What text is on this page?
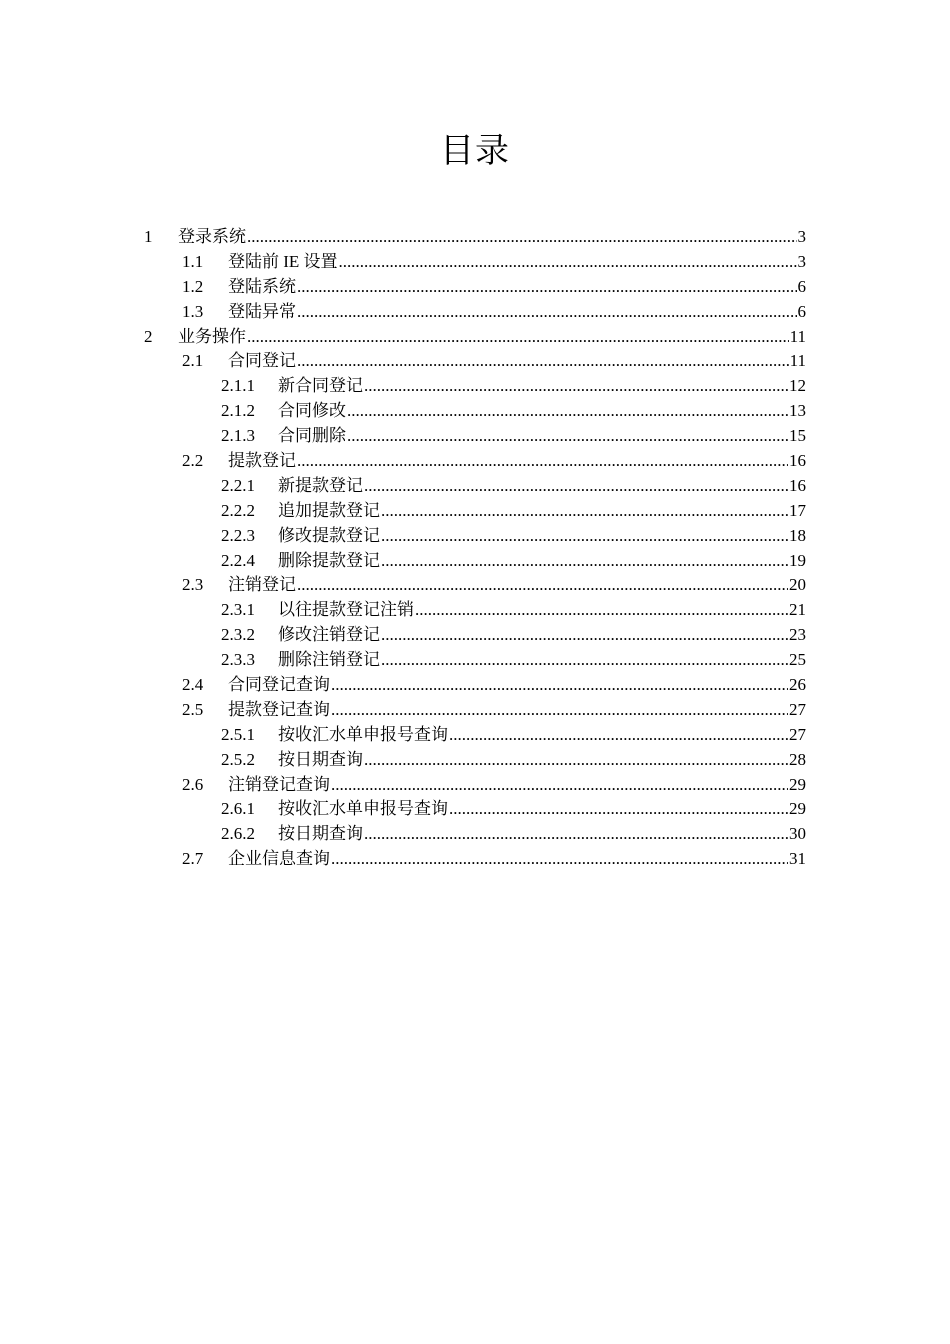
目录
1	登录系统 .....	3
1.1	登陆前 IE 设置 .....	3
1.2	登陆系统 .....	6
1.3	登陆异常 .....	6
2	业务操作 .....	11
2.1	合同登记 .....	11
2.1.1	新合同登记 .....	12
2.1.2	合同修改 .....	13
2.1.3	合同删除 .....	15
2.2	提款登记 .....	16
2.2.1	新提款登记 .....	16
2.2.2	追加提款登记 .....	17
2.2.3	修改提款登记 .....	18
2.2.4	删除提款登记 .....	19
2.3	注销登记 .....	20
2.3.1	以往提款登记注销 .....	21
2.3.2	修改注销登记 .....	23
2.3.3	删除注销登记 .....	25
2.4	合同登记查询 .....	26
2.5	提款登记查询 .....	27
2.5.1	按收汇水单申报号查询 .....	27
2.5.2	按日期查询 .....	28
2.6	注销登记查询 .....	29
2.6.1	按收汇水单申报号查询 .....	29
2.6.2	按日期查询 .....	30
2.7	企业信息查询 .....	31
